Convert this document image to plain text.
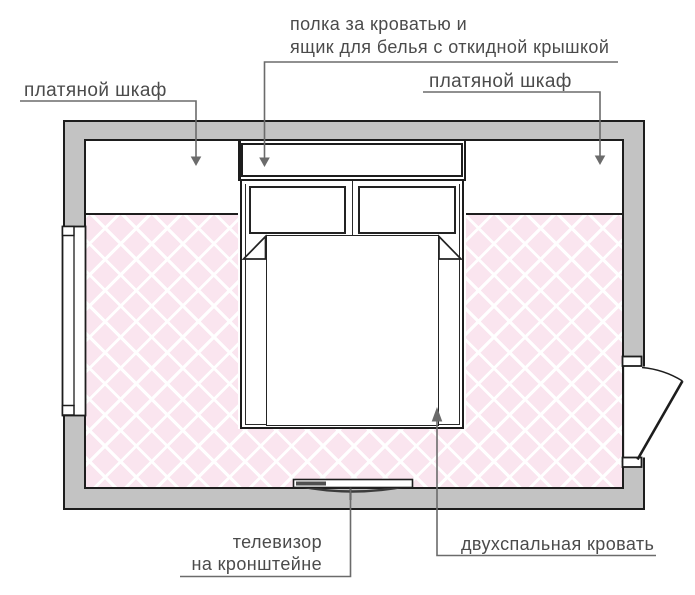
полка за кроватью и
ящик для белья с откидной крышкой
платяной шкаф	платяной шкаф
телевизор
на кронштейне
двухспальная кровать
